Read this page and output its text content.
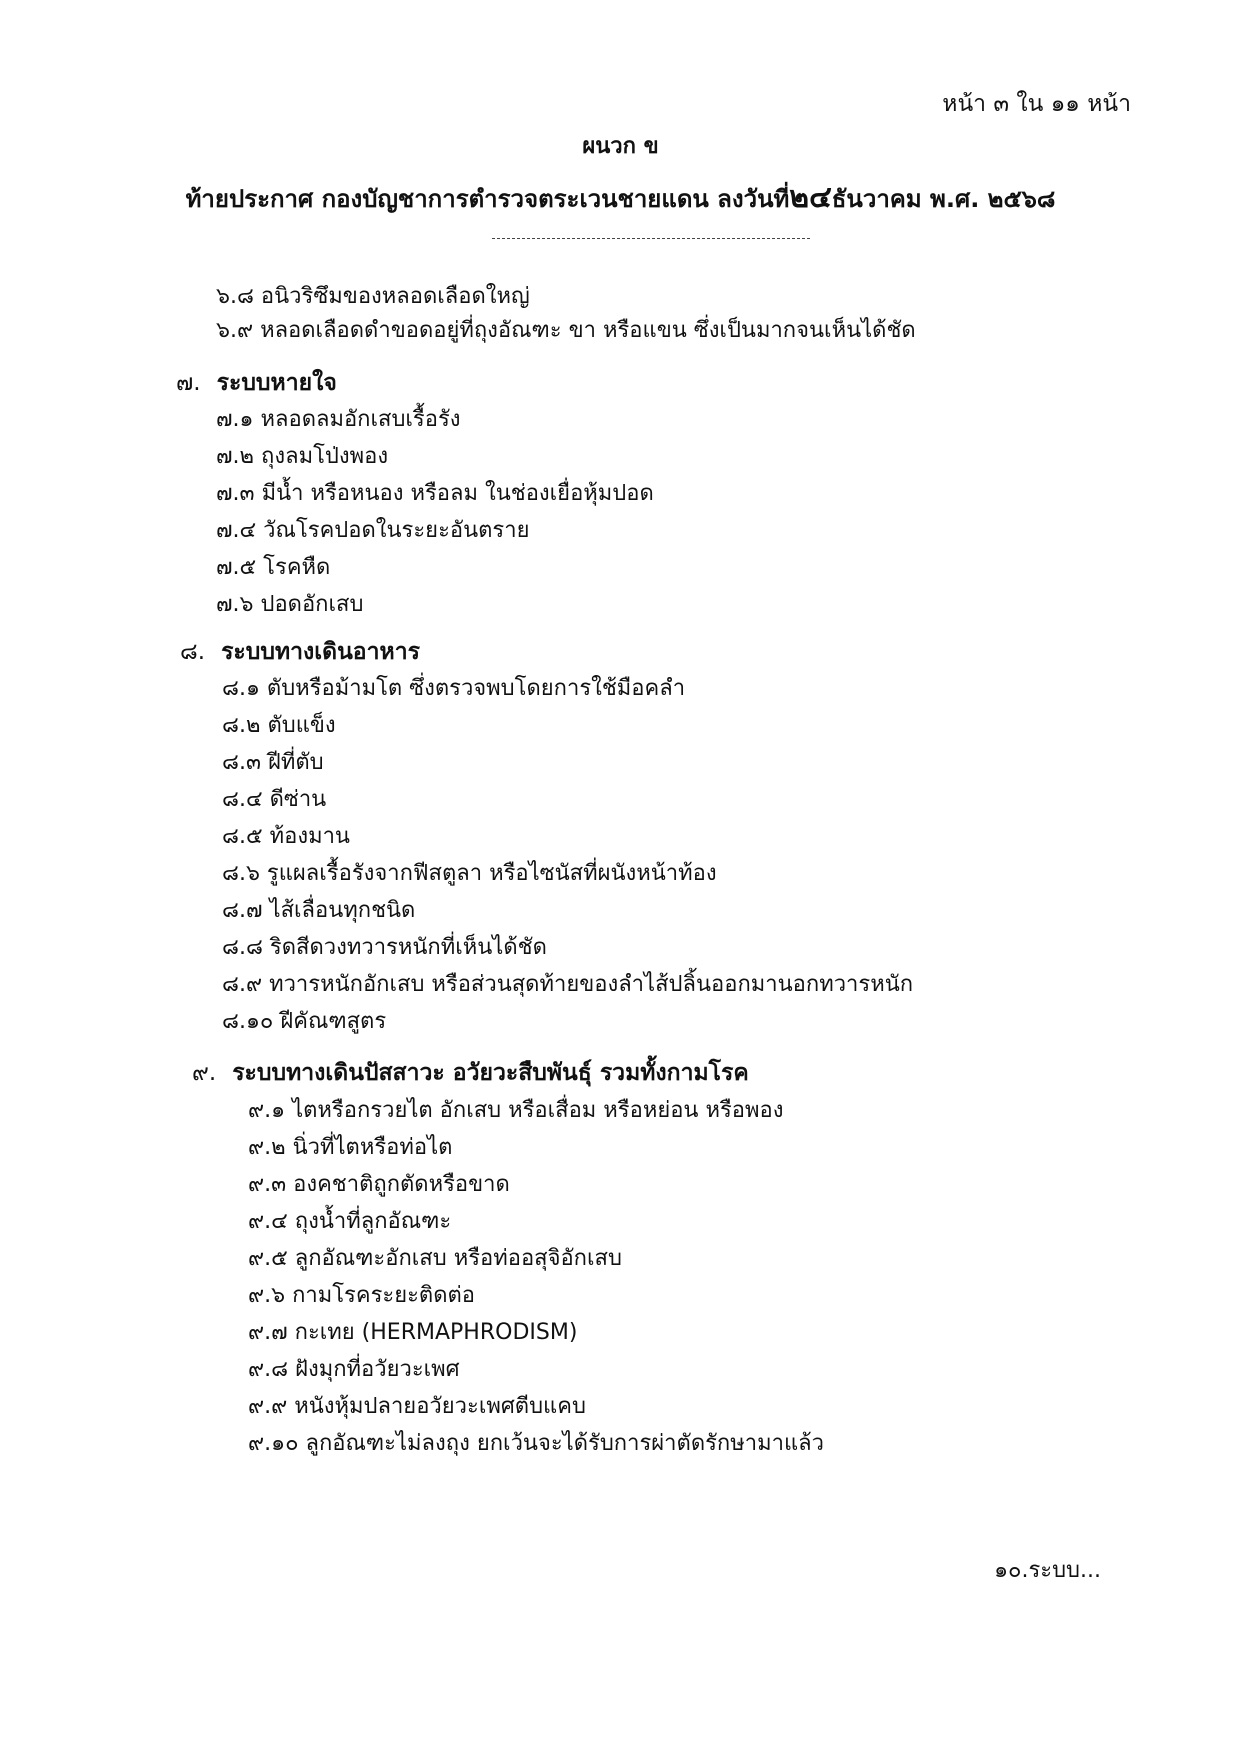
หน้า ๓ ใน ๑๑ หน้า
ผนวก ข
ท้ายประกาศ กองบัญชาการตำรวจตระเวนชายแดน ลงวันที่๒๔ธันวาคม พ.ศ. ๒๕๖๘
๖.๘ อนิวริซึมของหลอดเลือดใหญ่
๖.๙ หลอดเลือดดำขอดอยู่ที่ถุงอัณฑะ ขา หรือแขน ซึ่งเป็นมากจนเห็นได้ชัด
๗. ระบบหายใจ
๗.๑ หลอดลมอักเสบเรื้อรัง
๗.๒ ถุงลมโป่งพอง
๗.๓ มีน้ำ หรือหนอง หรือลม ในช่องเยื่อหุ้มปอด
๗.๔ วัณโรคปอดในระยะอันตราย
๗.๕ โรคหืด
๗.๖ ปอดอักเสบ
๘. ระบบทางเดินอาหาร
๘.๑ ตับหรือม้ามโต ซึ่งตรวจพบโดยการใช้มือคลำ
๘.๒ ตับแข็ง
๘.๓ ฝีที่ตับ
๘.๔ ดีซ่าน
๘.๕ ท้องมาน
๘.๖ รูแผลเรื้อรังจากฟีสตูลา หรือไซนัสที่ผนังหน้าท้อง
๘.๗ ไส้เลื่อนทุกชนิด
๘.๘ ริดสีดวงทวารหนักที่เห็นได้ชัด
๘.๙ ทวารหนักอักเสบ หรือส่วนสุดท้ายของลำไส้ปลิ้นออกมานอกทวารหนัก
๘.๑๐ ฝีคัณฑสูตร
๙. ระบบทางเดินปัสสาวะ อวัยวะสืบพันธุ์ รวมทั้งกามโรค
๙.๑ ไตหรือกรวยไต อักเสบ หรือเสื่อม หรือหย่อน หรือพอง
๙.๒ นิ่วที่ไตหรือท่อไต
๙.๓ องคชาติถูกตัดหรือขาด
๙.๔ ถุงน้ำที่ลูกอัณฑะ
๙.๕ ลูกอัณฑะอักเสบ หรือท่ออสุจิอักเสบ
๙.๖ กามโรคระยะติดต่อ
๙.๗ กะเทย (HERMAPHRODISM)
๙.๘ ฝังมุกที่อวัยวะเพศ
๙.๙ หนังหุ้มปลายอวัยวะเพศตีบแคบ
๙.๑๐ ลูกอัณฑะไม่ลงถุง ยกเว้นจะได้รับการผ่าตัดรักษามาแล้ว
๑๐.ระบบ...
